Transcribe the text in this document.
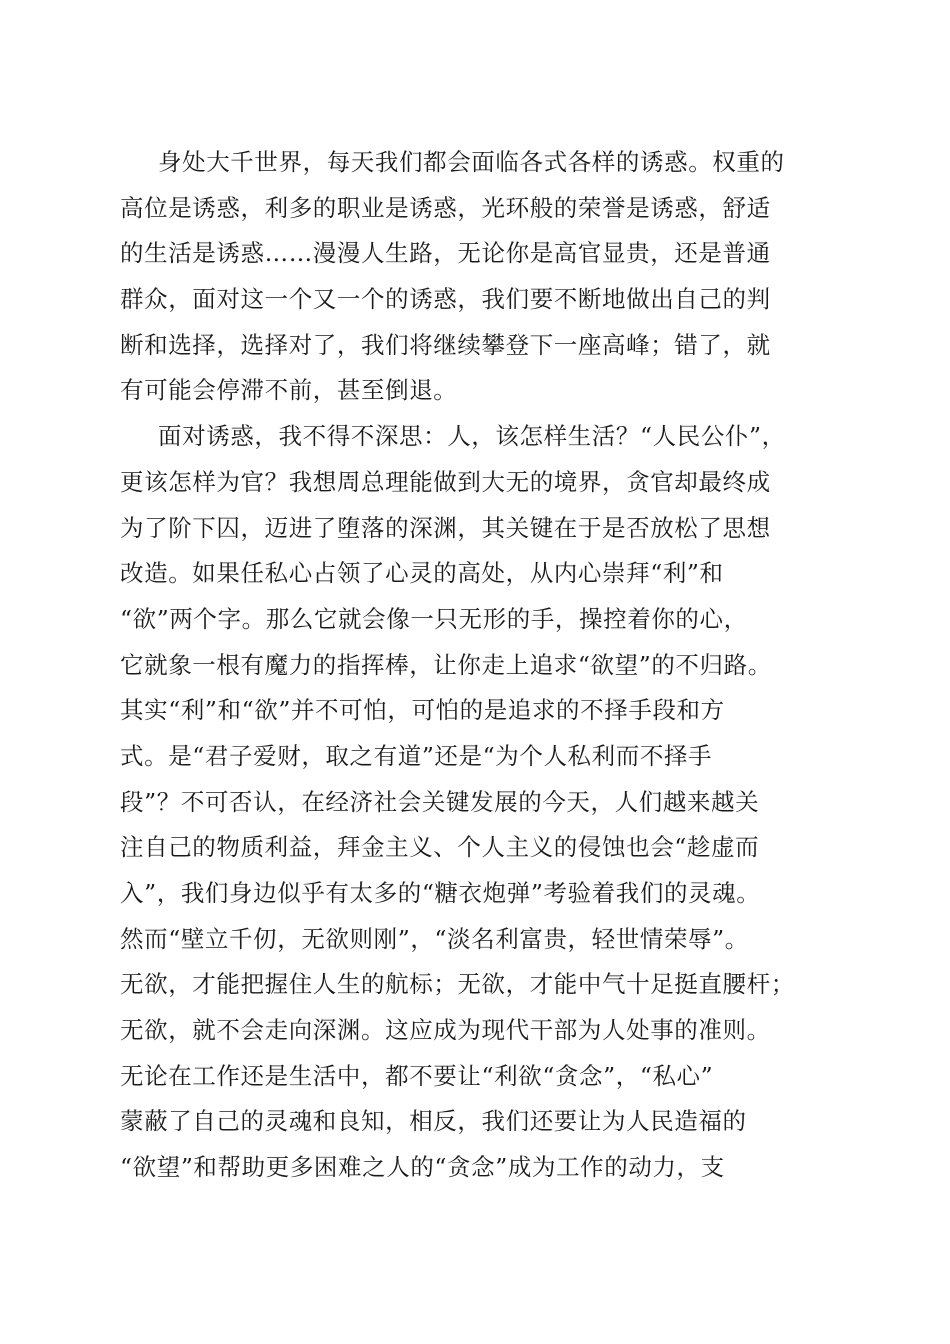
身处大千世界，每天我们都会面临各式各样的诱惑。权重的
高位是诱惑，利多的职业是诱惑，光环般的荣誉是诱惑，舒适
的生活是诱惑……漫漫人生路，无论你是高官显贵，还是普通
群众，面对这一个又一个的诱惑，我们要不断地做出自己的判
断和选择，选择对了，我们将继续攀登下一座高峰；错了，就
有可能会停滞不前，甚至倒退。
面对诱惑，我不得不深思：人，该怎样生活？“人民公仆”，
更该怎样为官？我想周总理能做到大无的境界，贪官却最终成
为了阶下囚，迈进了堕落的深渊，其关键在于是否放松了思想
改造。如果任私心占领了心灵的高处，从内心崇拜“利”和
“欲”两个字。那么它就会像一只无形的手，操控着你的心，
它就象一根有魔力的指挥棒，让你走上追求“欲望”的不归路。
其实“利”和“欲”并不可怕，可怕的是追求的不择手段和方
式。是“君子爱财，取之有道”还是“为个人私利而不择手
段”？不可否认，在经济社会关键发展的今天，人们越来越关
注自己的物质利益，拜金主义、个人主义的侵蚀也会“趁虚而
入”，我们身边似乎有太多的“糖衣炮弹”考验着我们的灵魂。
然而“壁立千仞，无欲则刚”，“淡名利富贵，轻世情荣辱”。
无欲，才能把握住人生的航标；无欲，才能中气十足挺直腰杆；
无欲，就不会走向深渊。这应成为现代干部为人处事的准则。
无论在工作还是生活中，都不要让“利欲“贪念”，“私心”
蒙蔽了自己的灵魂和良知，相反，我们还要让为人民造福的
“欲望”和帮助更多困难之人的“贪念”成为工作的动力，支
